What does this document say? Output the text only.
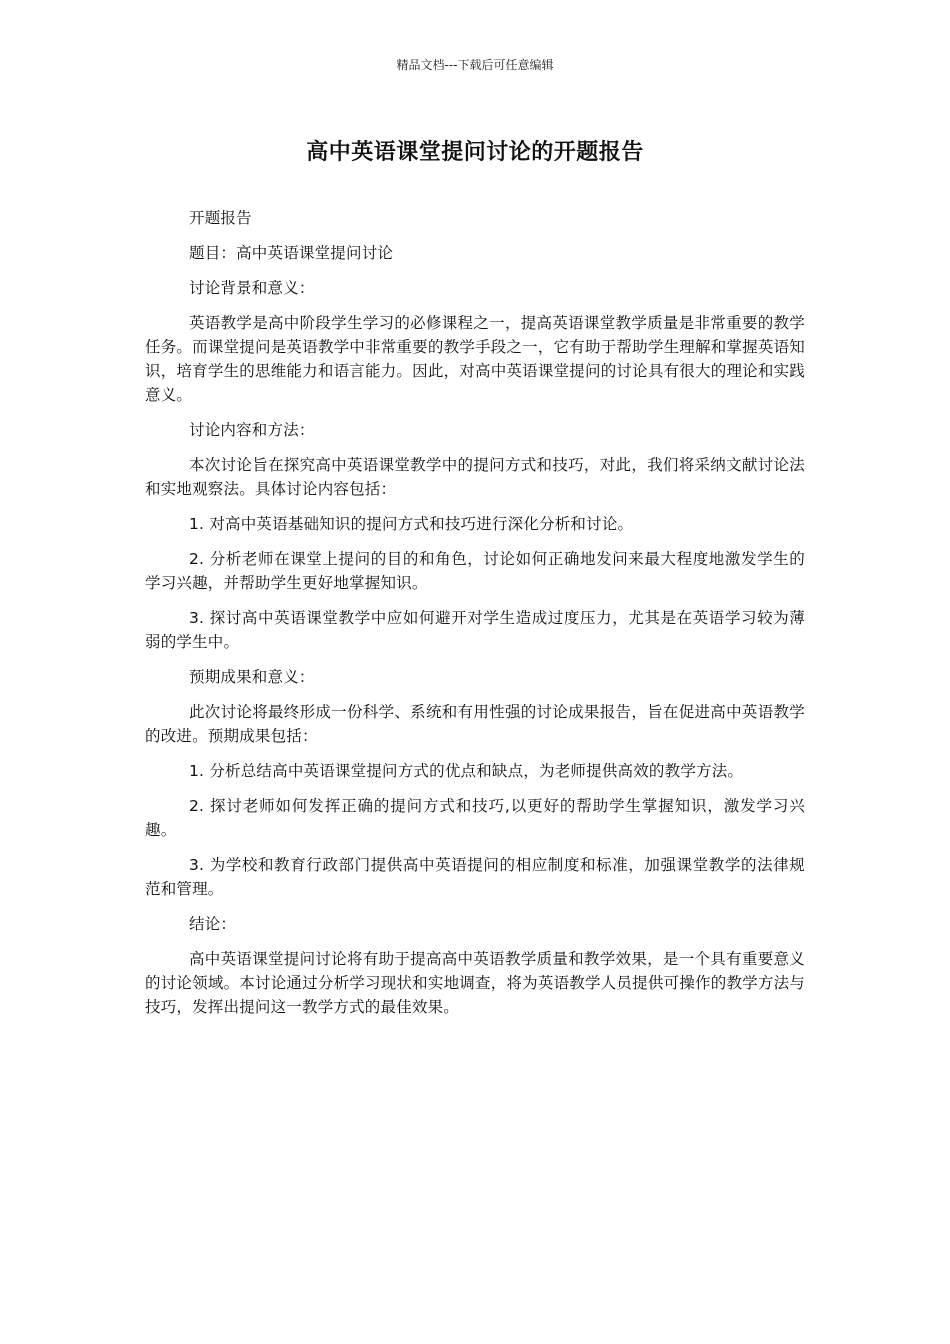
精品文档---下载后可任意编辑
高中英语课堂提问讨论的开题报告

开题报告

题目：高中英语课堂提问讨论

讨论背景和意义：

英语教学是高中阶段学生学习的必修课程之一，提高英语课堂教学质量是非常重要的教学任务。而课堂提问是英语教学中非常重要的教学手段之一，它有助于帮助学生理解和掌握英语知识，培育学生的思维能力和语言能力。因此，对高中英语课堂提问的讨论具有很大的理论和实践意义。

讨论内容和方法：

本次讨论旨在探究高中英语课堂教学中的提问方式和技巧，对此，我们将采纳文献讨论法和实地观察法。具体讨论内容包括：

1. 对高中英语基础知识的提问方式和技巧进行深化分析和讨论。

2. 分析老师在课堂上提问的目的和角色，讨论如何正确地发问来最大程度地激发学生的学习兴趣，并帮助学生更好地掌握知识。

3. 探讨高中英语课堂教学中应如何避开对学生造成过度压力，尤其是在英语学习较为薄弱的学生中。

预期成果和意义：

此次讨论将最终形成一份科学、系统和有用性强的讨论成果报告，旨在促进高中英语教学的改进。预期成果包括：

1. 分析总结高中英语课堂提问方式的优点和缺点，为老师提供高效的教学方法。

2. 探讨老师如何发挥正确的提问方式和技巧,以更好的帮助学生掌握知识，激发学习兴趣。

3. 为学校和教育行政部门提供高中英语提问的相应制度和标准，加强课堂教学的法律规范和管理。

结论：

高中英语课堂提问讨论将有助于提高高中英语教学质量和教学效果，是一个具有重要意义的讨论领域。本讨论通过分析学习现状和实地调查，将为英语教学人员提供可操作的教学方法与技巧，发挥出提问这一教学方式的最佳效果。
